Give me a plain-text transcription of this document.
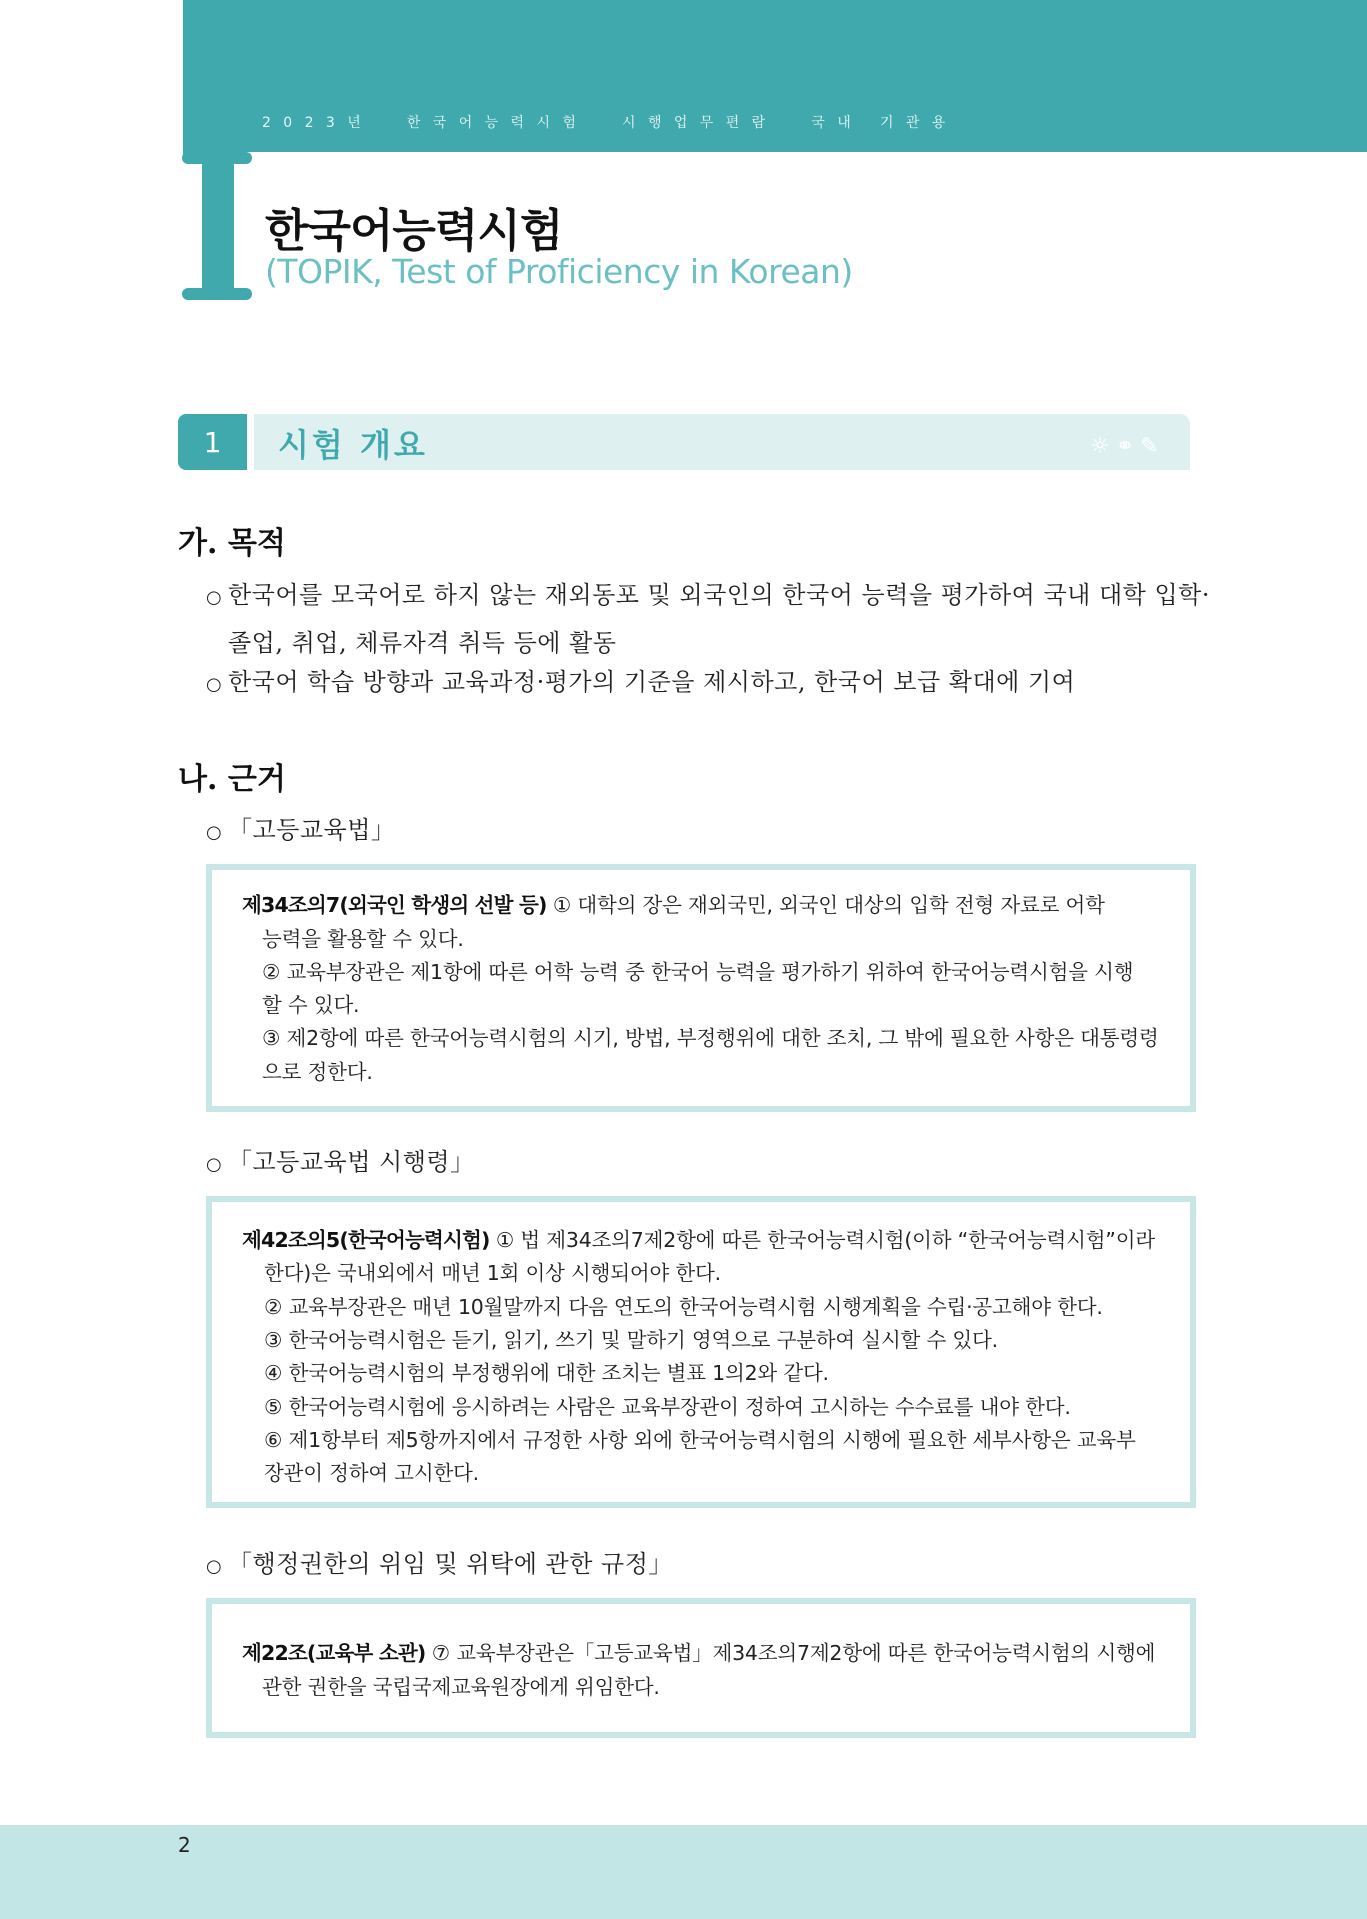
2023년  한국어능력시험  시행업무편람  국내 기관용
한국어능력시험
(TOPIK, Test of Proficiency in Korean)
1	시험 개요	☼ ⚭ ✎
가. 목적
○ 한국어를 모국어로 하지 않는 재외동포 및 외국인의 한국어 능력을 평가하여 국내 대학 입학·
졸업, 취업, 체류자격 취득 등에 활동
○ 한국어 학습 방향과 교육과정·평가의 기준을 제시하고, 한국어 보급 확대에 기여
나. 근거
○ 「고등교육법」
제34조의7(외국인 학생의 선발 등) ① 대학의 장은 재외국민, 외국인 대상의 입학 전형 자료로 어학
능력을 활용할 수 있다.
② 교육부장관은 제1항에 따른 어학 능력 중 한국어 능력을 평가하기 위하여 한국어능력시험을 시행
할 수 있다.
③ 제2항에 따른 한국어능력시험의 시기, 방법, 부정행위에 대한 조치, 그 밖에 필요한 사항은 대통령령
으로 정한다.
○ 「고등교육법 시행령」
제42조의5(한국어능력시험) ① 법 제34조의7제2항에 따른 한국어능력시험(이하 “한국어능력시험”이라
한다)은 국내외에서 매년 1회 이상 시행되어야 한다.
② 교육부장관은 매년 10월말까지 다음 연도의 한국어능력시험 시행계획을 수립·공고해야 한다.
③ 한국어능력시험은 듣기, 읽기, 쓰기 및 말하기 영역으로 구분하여 실시할 수 있다.
④ 한국어능력시험의 부정행위에 대한 조치는 별표 1의2와 같다.
⑤ 한국어능력시험에 응시하려는 사람은 교육부장관이 정하여 고시하는 수수료를 내야 한다.
⑥ 제1항부터 제5항까지에서 규정한 사항 외에 한국어능력시험의 시행에 필요한 세부사항은 교육부
장관이 정하여 고시한다.
○ 「행정권한의 위임 및 위탁에 관한 규정」
제22조(교육부 소관) ⑦ 교육부장관은「고등교육법」제34조의7제2항에 따른 한국어능력시험의 시행에
관한 권한을 국립국제교육원장에게 위임한다.
2
